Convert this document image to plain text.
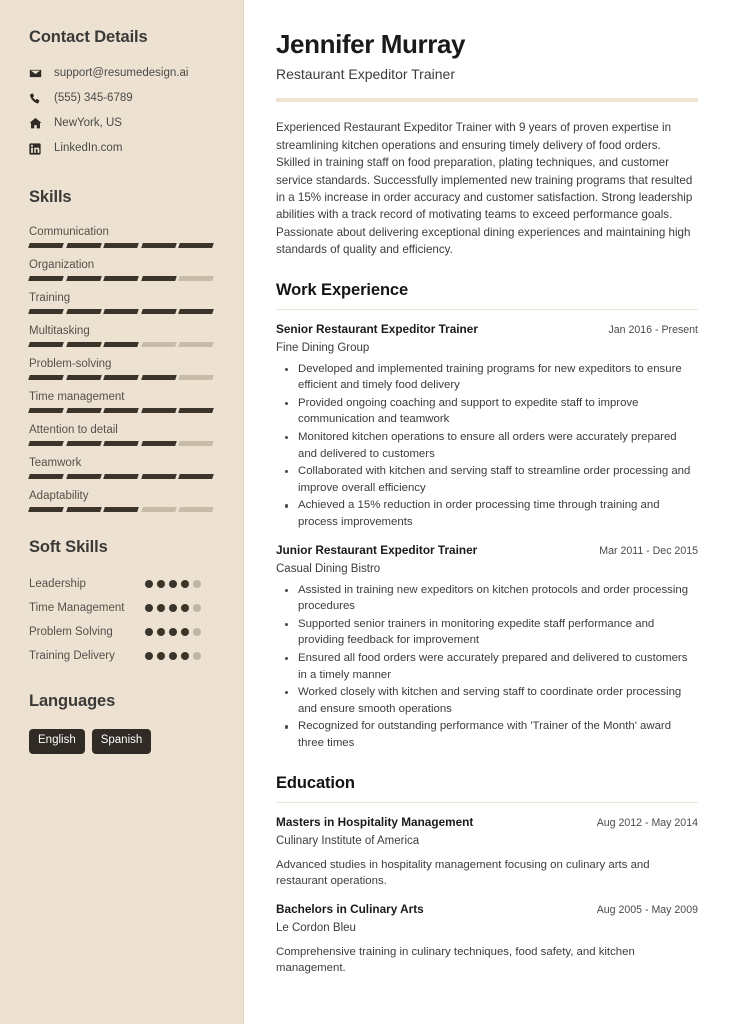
Contact Details
support@resumedesign.ai
(555) 345-6789
NewYork, US
LinkedIn.com
Skills
Communication
Organization
Training
Multitasking
Problem-solving
Time management
Attention to detail
Teamwork
Adaptability
Soft Skills
Leadership
Time Management
Problem Solving
Training Delivery
Languages
English	Spanish
Jennifer Murray
Restaurant Expeditor Trainer

Experienced Restaurant Expeditor Trainer with 9 years of proven expertise in streamlining kitchen operations and ensuring timely delivery of food orders. Skilled in training staff on food preparation, plating techniques, and customer service standards. Successfully implemented new training programs that resulted in a 15% increase in order accuracy and customer satisfaction. Strong leadership abilities with a track record of motivating teams to exceed performance goals. Passionate about delivering exceptional dining experiences and maintaining high standards of quality and efficiency.

Work Experience
Senior Restaurant Expeditor Trainer	Jan 2016 - Present
Fine Dining Group
Developed and implemented training programs for new expeditors to ensure efficient and timely food delivery
Provided ongoing coaching and support to expedite staff to improve communication and teamwork
Monitored kitchen operations to ensure all orders were accurately prepared and delivered to customers
Collaborated with kitchen and serving staff to streamline order processing and improve overall efficiency
Achieved a 15% reduction in order processing time through training and process improvements
Junior Restaurant Expeditor Trainer	Mar 2011 - Dec 2015
Casual Dining Bistro
Assisted in training new expeditors on kitchen protocols and order processing procedures
Supported senior trainers in monitoring expedite staff performance and providing feedback for improvement
Ensured all food orders were accurately prepared and delivered to customers in a timely manner
Worked closely with kitchen and serving staff to coordinate order processing and ensure smooth operations
Recognized for outstanding performance with 'Trainer of the Month' award three times
Education
Masters in Hospitality Management	Aug 2012 - May 2014
Culinary Institute of America
Advanced studies in hospitality management focusing on culinary arts and restaurant operations.
Bachelors in Culinary Arts	Aug 2005 - May 2009
Le Cordon Bleu
Comprehensive training in culinary techniques, food safety, and kitchen management.
